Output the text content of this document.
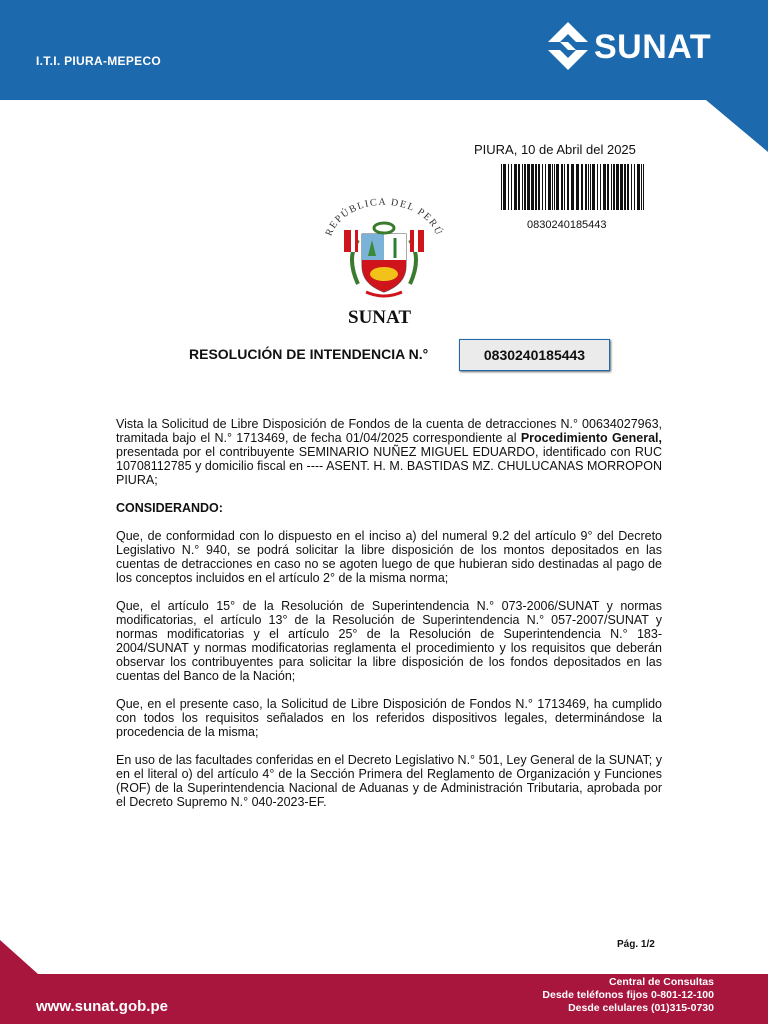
I.T.I. PIURA-MEPECO	SUNAT
PIURA, 10 de Abril del 2025
0830240185443
REPÚBLICA DEL PERÚ
SUNAT
RESOLUCIÓN DE INTENDENCIA N.°	0830240185443

Vista la Solicitud de Libre Disposición de Fondos de la cuenta de detracciones N.° 00634027963, tramitada bajo el N.° 1713469, de fecha 01/04/2025 correspondiente al Procedimiento General, presentada por el contribuyente SEMINARIO NUÑEZ MIGUEL EDUARDO, identificado con RUC 10708112785 y domicilio fiscal en ---- ASENT. H. M. BASTIDAS MZ. CHULUCANAS MORROPON PIURA;

CONSIDERANDO:

Que, de conformidad con lo dispuesto en el inciso a) del numeral 9.2 del artículo 9° del Decreto Legislativo N.° 940, se podrá solicitar la libre disposición de los montos depositados en las cuentas de detracciones en caso no se agoten luego de que hubieran sido destinadas al pago de los conceptos incluidos en el artículo 2° de la misma norma;

Que, el artículo 15° de la Resolución de Superintendencia N.° 073-2006/SUNAT y normas modificatorias, el artículo 13° de la Resolución de Superintendencia N.° 057-2007/SUNAT y normas modificatorias y el artículo 25° de la Resolución de Superintendencia N.° 183-2004/SUNAT y normas modificatorias reglamenta el procedimiento y los requisitos que deberán observar los contribuyentes para solicitar la libre disposición de los fondos depositados en las cuentas del Banco de la Nación;

Que, en el presente caso, la Solicitud de Libre Disposición de Fondos N.° 1713469, ha cumplido con todos los requisitos señalados en los referidos dispositivos legales, determinándose la procedencia de la misma;

En uso de las facultades conferidas en el Decreto Legislativo N.° 501, Ley General de la SUNAT; y en el literal o) del artículo 4° de la Sección Primera del Reglamento de Organización y Funciones (ROF) de la Superintendencia Nacional de Aduanas y de Administración Tributaria, aprobada por el Decreto Supremo N.° 040-2023-EF.

Pág. 1/2
www.sunat.gob.pe
Central de Consultas
Desde teléfonos fijos 0-801-12-100
Desde celulares (01)315-0730
